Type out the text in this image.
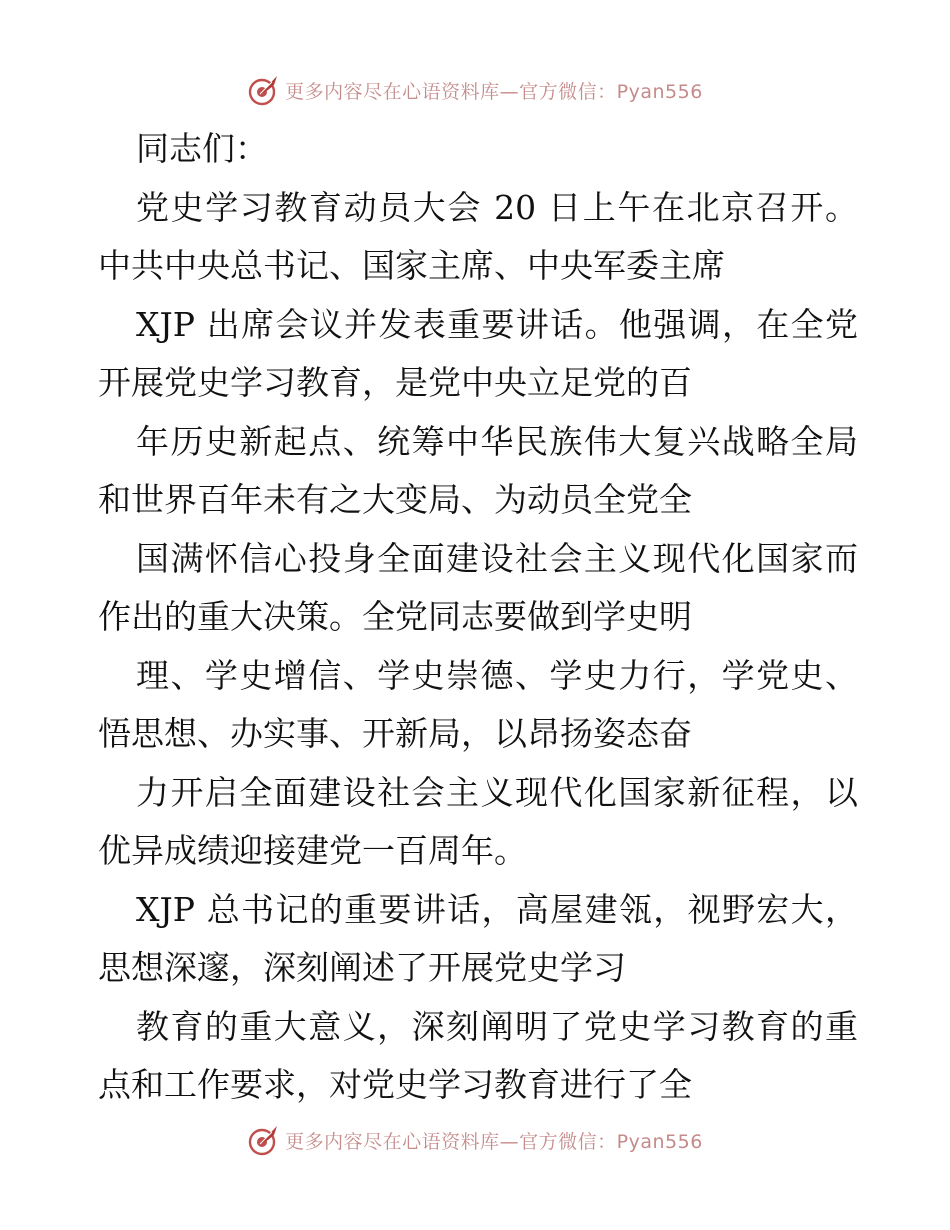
更多内容尽在心语资料库—官方微信：Pyan556
同志们：
党史学习教育动员大会 20 日上午在北京召开。
中共中央总书记、国家主席、中央军委主席
XJP 出席会议并发表重要讲话。他强调，在全党
开展党史学习教育，是党中央立足党的百
年历史新起点、统筹中华民族伟大复兴战略全局
和世界百年未有之大变局、为动员全党全
国满怀信心投身全面建设社会主义现代化国家而
作出的重大决策。全党同志要做到学史明
理、学史增信、学史崇德、学史力行，学党史、
悟思想、办实事、开新局，以昂扬姿态奋
力开启全面建设社会主义现代化国家新征程，以
优异成绩迎接建党一百周年。
XJP 总书记的重要讲话，高屋建瓴，视野宏大，
思想深邃，深刻阐述了开展党史学习
教育的重大意义，深刻阐明了党史学习教育的重
点和工作要求，对党史学习教育进行了全
更多内容尽在心语资料库—官方微信：Pyan556
